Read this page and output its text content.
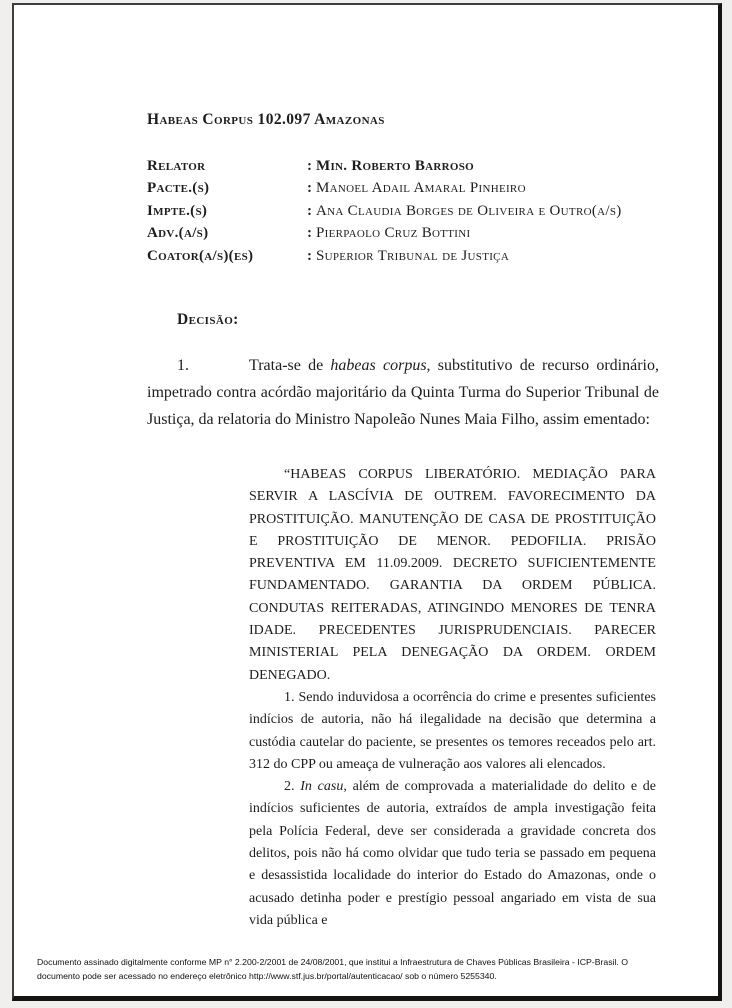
Habeas Corpus 102.097 Amazonas
Relator	: Min. Roberto Barroso
Pacte.(s)	: Manoel Adail Amaral Pinheiro
Impte.(s)	: Ana Claudia Borges de Oliveira e Outro(a/s)
Adv.(a/s)	: Pierpaolo Cruz Bottini
Coator(a/s)(es)	: Superior Tribunal de Justiça
Decisão:

1.	Trata-se de habeas corpus, substitutivo de recurso ordinário, impetrado contra acórdão majoritário da Quinta Turma do Superior Tribunal de Justiça, da relatoria do Ministro Napoleão Nunes Maia Filho, assim ementado:

“HABEAS CORPUS LIBERATÓRIO. MEDIAÇÃO PARA SERVIR A LASCÍVIA DE OUTREM. FAVORECIMENTO DA PROSTITUIÇÃO. MANUTENÇÃO DE CASA DE PROSTITUIÇÃO E PROSTITUIÇÃO DE MENOR. PEDOFILIA. PRISÃO PREVENTIVA EM 11.09.2009. DECRETO SUFICIENTEMENTE FUNDAMENTADO. GARANTIA DA ORDEM PÚBLICA. CONDUTAS REITERADAS, ATINGINDO MENORES DE TENRA IDADE. PRECEDENTES JURISPRUDENCIAIS. PARECER MINISTERIAL PELA DENEGAÇÃO DA ORDEM. ORDEM DENEGADO.

1. Sendo induvidosa a ocorrência do crime e presentes suficientes indícios de autoria, não há ilegalidade na decisão que determina a custódia cautelar do paciente, se presentes os temores receados pelo art. 312 do CPP ou ameaça de vulneração aos valores ali elencados.

2. In casu, além de comprovada a materialidade do delito e de indícios suficientes de autoria, extraídos de ampla investigação feita pela Polícia Federal, deve ser considerada a gravidade concreta dos delitos, pois não há como olvidar que tudo teria se passado em pequena e desassistida localidade do interior do Estado do Amazonas, onde o acusado detinha poder e prestígio pessoal angariado em vista de sua vida pública e

Documento assinado digitalmente conforme MP n° 2.200-2/2001 de 24/08/2001, que institui a Infraestrutura de Chaves Públicas Brasileira - ICP-Brasil. O
documento pode ser acessado no endereço eletrônico http://www.stf.jus.br/portal/autenticacao/ sob o número 5255340.
